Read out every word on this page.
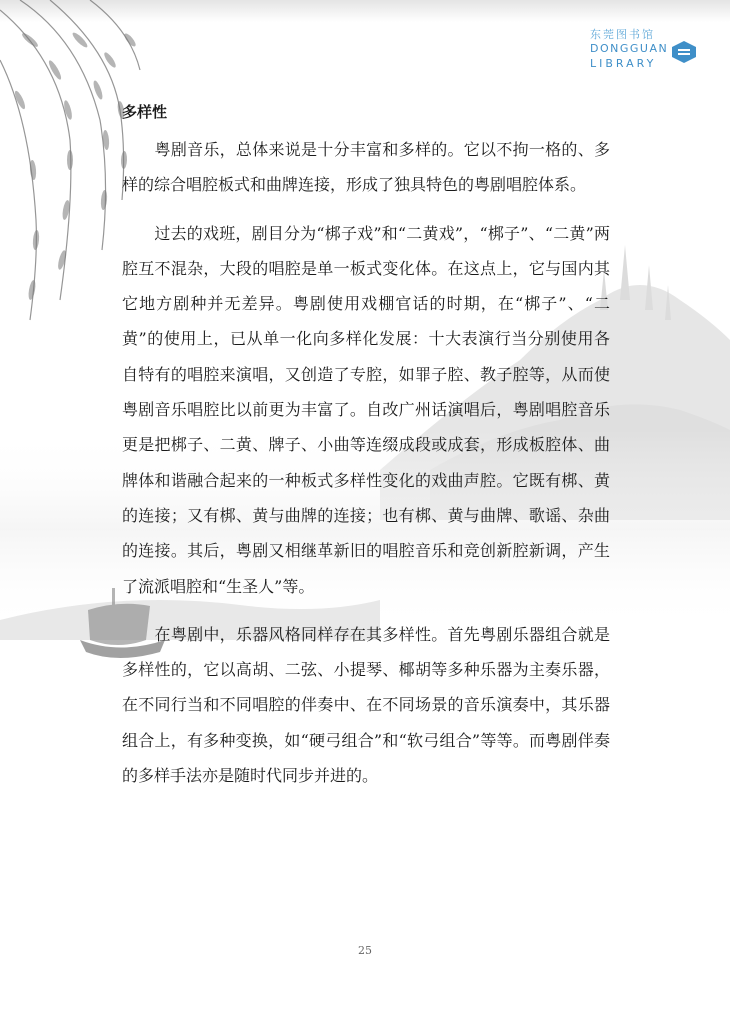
东莞图书馆
DONGGUAN
LIBRARY
多样性

　　粤剧音乐，总体来说是十分丰富和多样的。它以不拘一格的、多样的综合唱腔板式和曲牌连接，形成了独具特色的粤剧唱腔体系。

　　过去的戏班，剧目分为“梆子戏”和“二黄戏”，“梆子”、“二黄”两腔互不混杂，大段的唱腔是单一板式变化体。在这点上，它与国内其它地方剧种并无差异。粤剧使用戏棚官话的时期，在“梆子”、“二黄”的使用上，已从单一化向多样化发展：十大表演行当分别使用各自特有的唱腔来演唱，又创造了专腔，如罪子腔、教子腔等，从而使粤剧音乐唱腔比以前更为丰富了。自改广州话演唱后，粤剧唱腔音乐更是把梆子、二黄、牌子、小曲等连缀成段或成套，形成板腔体、曲牌体和谐融合起来的一种板式多样性变化的戏曲声腔。它既有梆、黄的连接；又有梆、黄与曲牌的连接；也有梆、黄与曲牌、歌谣、杂曲的连接。其后，粤剧又相继革新旧的唱腔音乐和竞创新腔新调，产生了流派唱腔和“生圣人”等。

　　在粤剧中，乐器风格同样存在其多样性。首先粤剧乐器组合就是多样性的，它以高胡、二弦、小提琴、椰胡等多种乐器为主奏乐器，在不同行当和不同唱腔的伴奏中、在不同场景的音乐演奏中，其乐器组合上，有多种变换，如“硬弓组合”和“软弓组合”等等。而粤剧伴奏的多样手法亦是随时代同步并进的。

25
